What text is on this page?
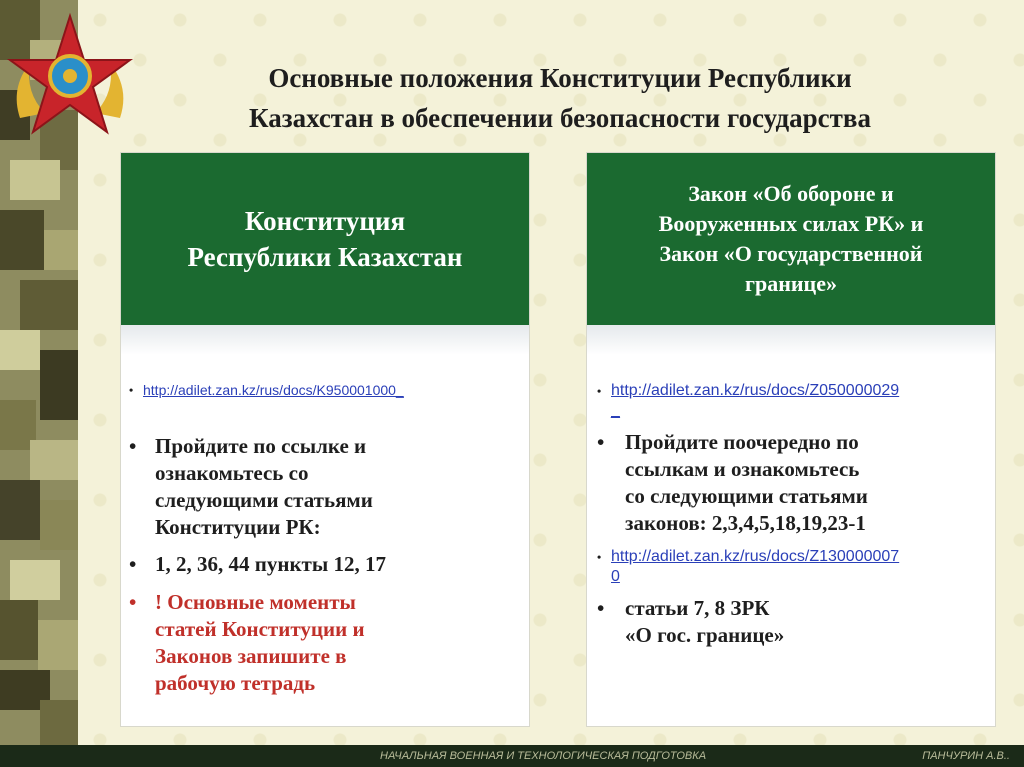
Основные положения Конституции Республики
Казахстан в обеспечении безопасности государства
Конституция
Республики Казахстан
• http://adilet.zan.kz/rus/docs/K950001000_
• Пройдите по ссылке и
ознакомьтесь со
следующими статьями
Конституции РК:
• 1, 2, 36, 44 пункты 12, 17
• ! Основные моменты
статей Конституции и
Законов запишите в
рабочую тетрадь
Закон «Об обороне и
Вооруженных силах РК» и
Закон «О государственной
границе»
• http://adilet.zan.kz/rus/docs/Z050000029
_
• Пройдите поочередно по
ссылкам и ознакомьтесь
со следующими статьями
законов: 2,3,4,5,18,19,23-1
• http://adilet.zan.kz/rus/docs/Z130000007
0
• статьи 7, 8 ЗРК
«О гос. границе»
НАЧАЛЬНАЯ ВОЕННАЯ И ТЕХНОЛОГИЧЕСКАЯ ПОДГОТОВКА	ПАНЧУРИН А.В..
